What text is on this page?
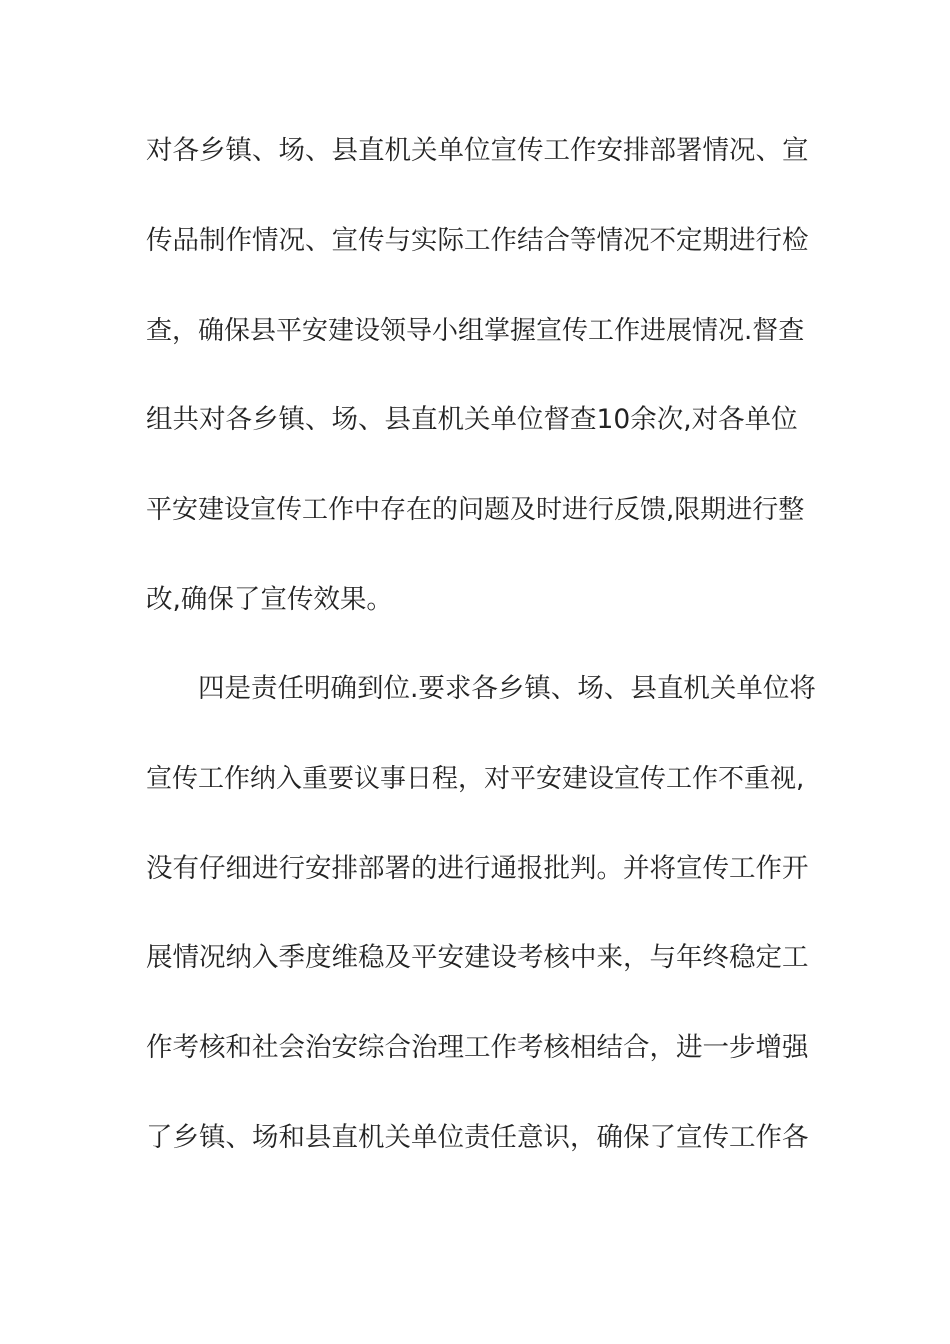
对各乡镇、场、县直机关单位宣传工作安排部署情况、宣
传品制作情况、宣传与实际工作结合等情况不定期进行检
查，确保县平安建设领导小组掌握宣传工作进展情况.督查
组共对各乡镇、场、县直机关单位督查10余次,对各单位
平安建设宣传工作中存在的问题及时进行反馈,限期进行整
改,确保了宣传效果。
四是责任明确到位.要求各乡镇、场、县直机关单位将
宣传工作纳入重要议事日程，对平安建设宣传工作不重视,
没有仔细进行安排部署的进行通报批判。并将宣传工作开
展情况纳入季度维稳及平安建设考核中来，与年终稳定工
作考核和社会治安综合治理工作考核相结合，进一步增强
了乡镇、场和县直机关单位责任意识，确保了宣传工作各
